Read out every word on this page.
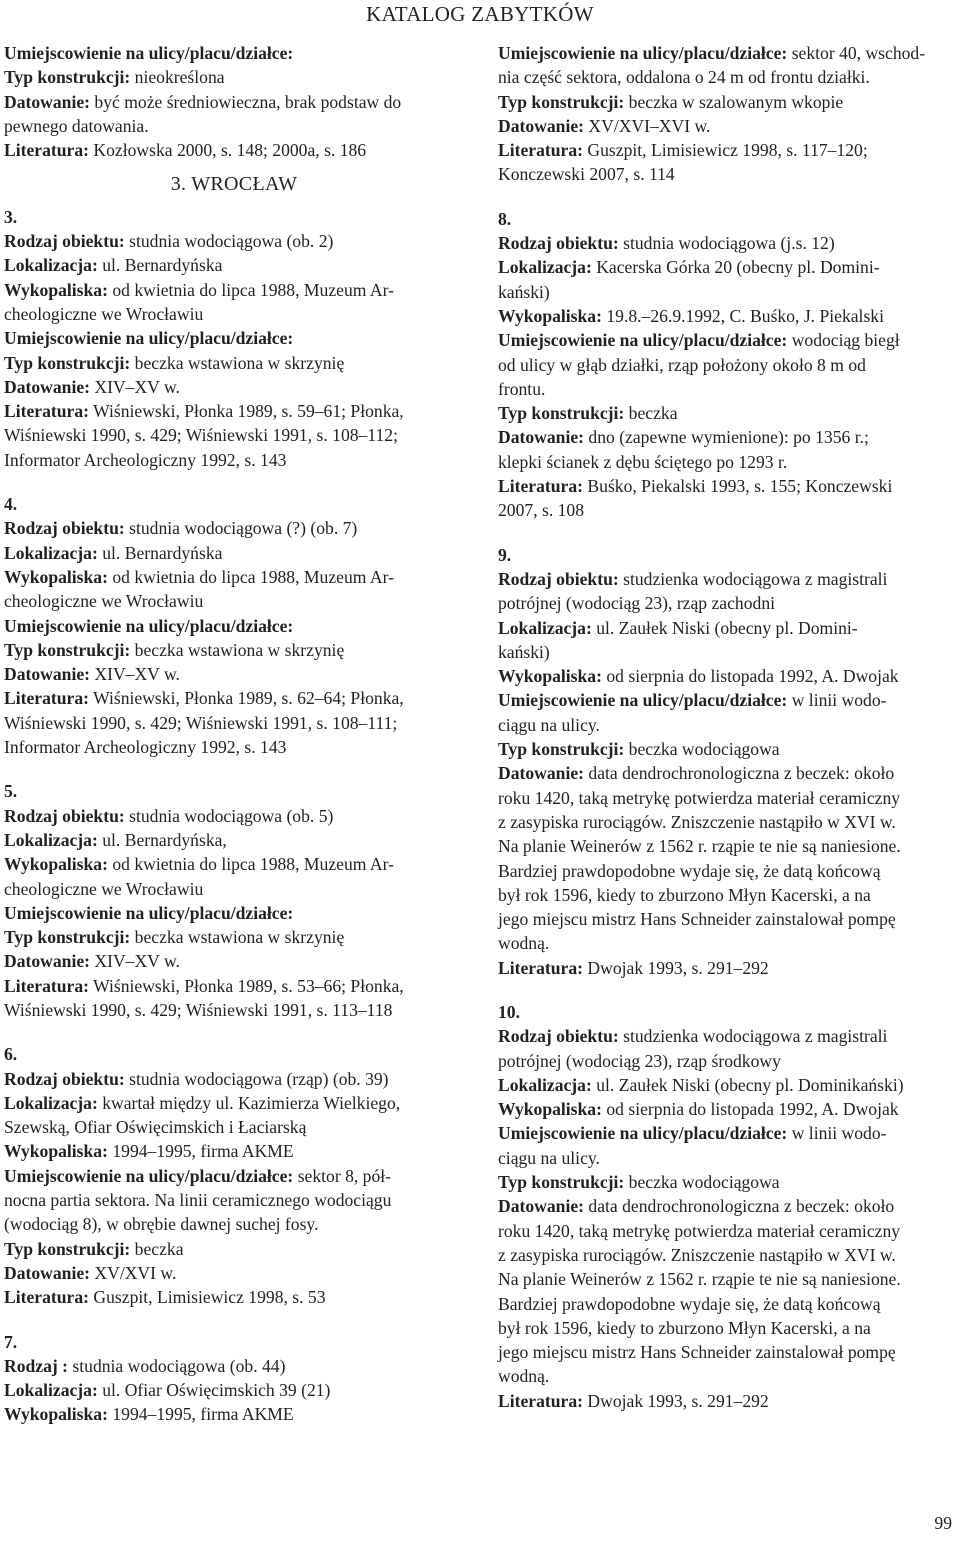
KATALOG ZABYTKÓW
Umiejscowienie na ulicy/placu/działce:
Typ konstrukcji: nieokreślona
Datowanie: być może średniowieczna, brak podstaw do
pewnego datowania.
Literatura: Kozłowska 2000, s. 148; 2000a, s. 186
3. WROCŁAW
3.
Rodzaj obiektu: studnia wodociągowa (ob. 2)
Lokalizacja: ul. Bernardyńska
Wykopaliska: od kwietnia do lipca 1988, Muzeum Ar-
cheologiczne we Wrocławiu
Umiejscowienie na ulicy/placu/działce:
Typ konstrukcji: beczka wstawiona w skrzynię
Datowanie: XIV–XV w.
Literatura: Wiśniewski, Płonka 1989, s. 59–61; Płonka,
Wiśniewski 1990, s. 429; Wiśniewski 1991, s. 108–112;
Informator Archeologiczny 1992, s. 143
4.
Rodzaj obiektu: studnia wodociągowa (?) (ob. 7)
Lokalizacja: ul. Bernardyńska
Wykopaliska: od kwietnia do lipca 1988, Muzeum Ar-
cheologiczne we Wrocławiu
Umiejscowienie na ulicy/placu/działce:
Typ konstrukcji: beczka wstawiona w skrzynię
Datowanie: XIV–XV w.
Literatura: Wiśniewski, Płonka 1989, s. 62–64; Płonka,
Wiśniewski 1990, s. 429; Wiśniewski 1991, s. 108–111;
Informator Archeologiczny 1992, s. 143
5.
Rodzaj obiektu: studnia wodociągowa (ob. 5)
Lokalizacja: ul. Bernardyńska,
Wykopaliska: od kwietnia do lipca 1988, Muzeum Ar-
cheologiczne we Wrocławiu
Umiejscowienie na ulicy/placu/działce:
Typ konstrukcji: beczka wstawiona w skrzynię
Datowanie: XIV–XV w.
Literatura: Wiśniewski, Płonka 1989, s. 53–66; Płonka,
Wiśniewski 1990, s. 429; Wiśniewski 1991, s. 113–118
6.
Rodzaj obiektu: studnia wodociągowa (rząp) (ob. 39)
Lokalizacja: kwartał między ul. Kazimierza Wielkiego,
Szewską, Ofiar Oświęcimskich i Łaciarską
Wykopaliska: 1994–1995, firma AKME
Umiejscowienie na ulicy/placu/działce: sektor 8, pół-
nocna partia sektora. Na linii ceramicznego wodociągu
(wodociąg 8), w obrębie dawnej suchej fosy.
Typ konstrukcji: beczka
Datowanie: XV/XVI w.
Literatura: Guszpit, Limisiewicz 1998, s. 53
7.
Rodzaj : studnia wodociągowa (ob. 44)
Lokalizacja: ul. Ofiar Oświęcimskich 39 (21)
Wykopaliska: 1994–1995, firma AKME
Umiejscowienie na ulicy/placu/działce: sektor 40, wschod-
nia część sektora, oddalona o 24 m od frontu działki.
Typ konstrukcji: beczka w szalowanym wkopie
Datowanie: XV/XVI–XVI w.
Literatura: Guszpit, Limisiewicz 1998, s. 117–120;
Konczewski 2007, s. 114
8.
Rodzaj obiektu: studnia wodociągowa (j.s. 12)
Lokalizacja: Kacerska Górka 20 (obecny pl. Domini-
kański)
Wykopaliska: 19.8.–26.9.1992, C. Buśko, J. Piekalski
Umiejscowienie na ulicy/placu/działce: wodociąg biegł
od ulicy w głąb działki, rząp położony około 8 m od
frontu.
Typ konstrukcji: beczka
Datowanie: dno (zapewne wymienione): po 1356 r.;
klepki ścianek z dębu ściętego po 1293 r.
Literatura: Buśko, Piekalski 1993, s. 155; Konczewski
2007, s. 108
9.
Rodzaj obiektu: studzienka wodociągowa z magistrali
potrójnej (wodociąg 23), rząp zachodni
Lokalizacja: ul. Zaułek Niski (obecny pl. Domini-
kański)
Wykopaliska: od sierpnia do listopada 1992, A. Dwojak
Umiejscowienie na ulicy/placu/działce: w linii wodo-
ciągu na ulicy.
Typ konstrukcji: beczka wodociągowa
Datowanie: data dendrochronologiczna z beczek: około
roku 1420, taką metrykę potwierdza materiał ceramiczny
z zasypiska rurociągów. Zniszczenie nastąpiło w XVI w.
Na planie Weinerów z 1562 r. rząpie te nie są naniesione.
Bardziej prawdopodobne wydaje się, że datą końcową
był rok 1596, kiedy to zburzono Młyn Kacerski, a na
jego miejscu mistrz Hans Schneider zainstalował pompę
wodną.
Literatura: Dwojak 1993, s. 291–292
10.
Rodzaj obiektu: studzienka wodociągowa z magistrali
potrójnej (wodociąg 23), rząp środkowy
Lokalizacja: ul. Zaułek Niski (obecny pl. Dominikański)
Wykopaliska: od sierpnia do listopada 1992, A. Dwojak
Umiejscowienie na ulicy/placu/działce: w linii wodo-
ciągu na ulicy.
Typ konstrukcji: beczka wodociągowa
Datowanie: data dendrochronologiczna z beczek: około
roku 1420, taką metrykę potwierdza materiał ceramiczny
z zasypiska rurociągów. Zniszczenie nastąpiło w XVI w.
Na planie Weinerów z 1562 r. rząpie te nie są naniesione.
Bardziej prawdopodobne wydaje się, że datą końcową
był rok 1596, kiedy to zburzono Młyn Kacerski, a na
jego miejscu mistrz Hans Schneider zainstalował pompę
wodną.
Literatura: Dwojak 1993, s. 291–292
99
